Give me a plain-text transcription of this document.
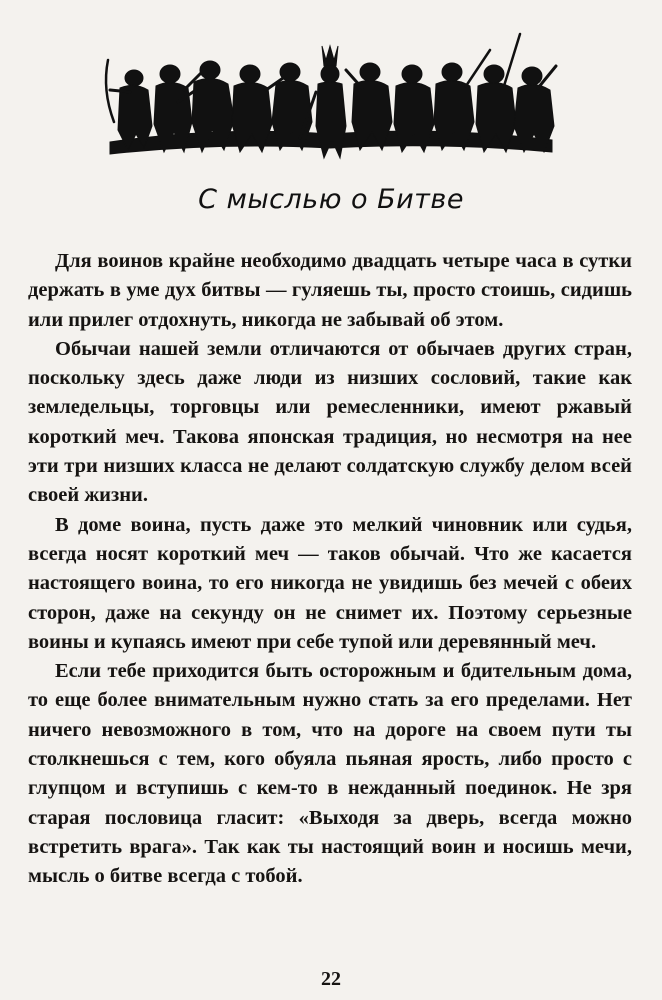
С мыслью о Битве

Для воинов крайне необходимо двадцать четыре часа в сутки держать в уме дух битвы — гуляешь ты, просто стоишь, сидишь или прилег отдохнуть, никогда не забывай об этом.

Обычаи нашей земли отличаются от обычаев других стран, поскольку здесь даже люди из низших сословий, такие как земледельцы, торговцы или ремесленники, имеют ржавый короткий меч. Такова японская традиция, но несмотря на нее эти три низших класса не делают солдатскую службу делом всей своей жизни.

В доме воина, пусть даже это мелкий чиновник или судья, всегда носят короткий меч — таков обычай. Что же касается настоящего воина, то его никогда не увидишь без мечей с обеих сторон, даже на секунду он не снимет их. Поэтому серьезные воины и купаясь имеют при себе тупой или деревянный меч.

Если тебе приходится быть осторожным и бдительным дома, то еще более внимательным нужно стать за его пределами. Нет ничего невозможного в том, что на дороге на своем пути ты столкнешься с тем, кого обуяла пьяная ярость, либо просто с глупцом и вступишь с кем-то в нежданный поединок. Не зря старая пословица гласит: «Выходя за дверь, всегда можно встретить врага». Так как ты настоящий воин и носишь мечи, мысль о битве всегда с тобой.

22
